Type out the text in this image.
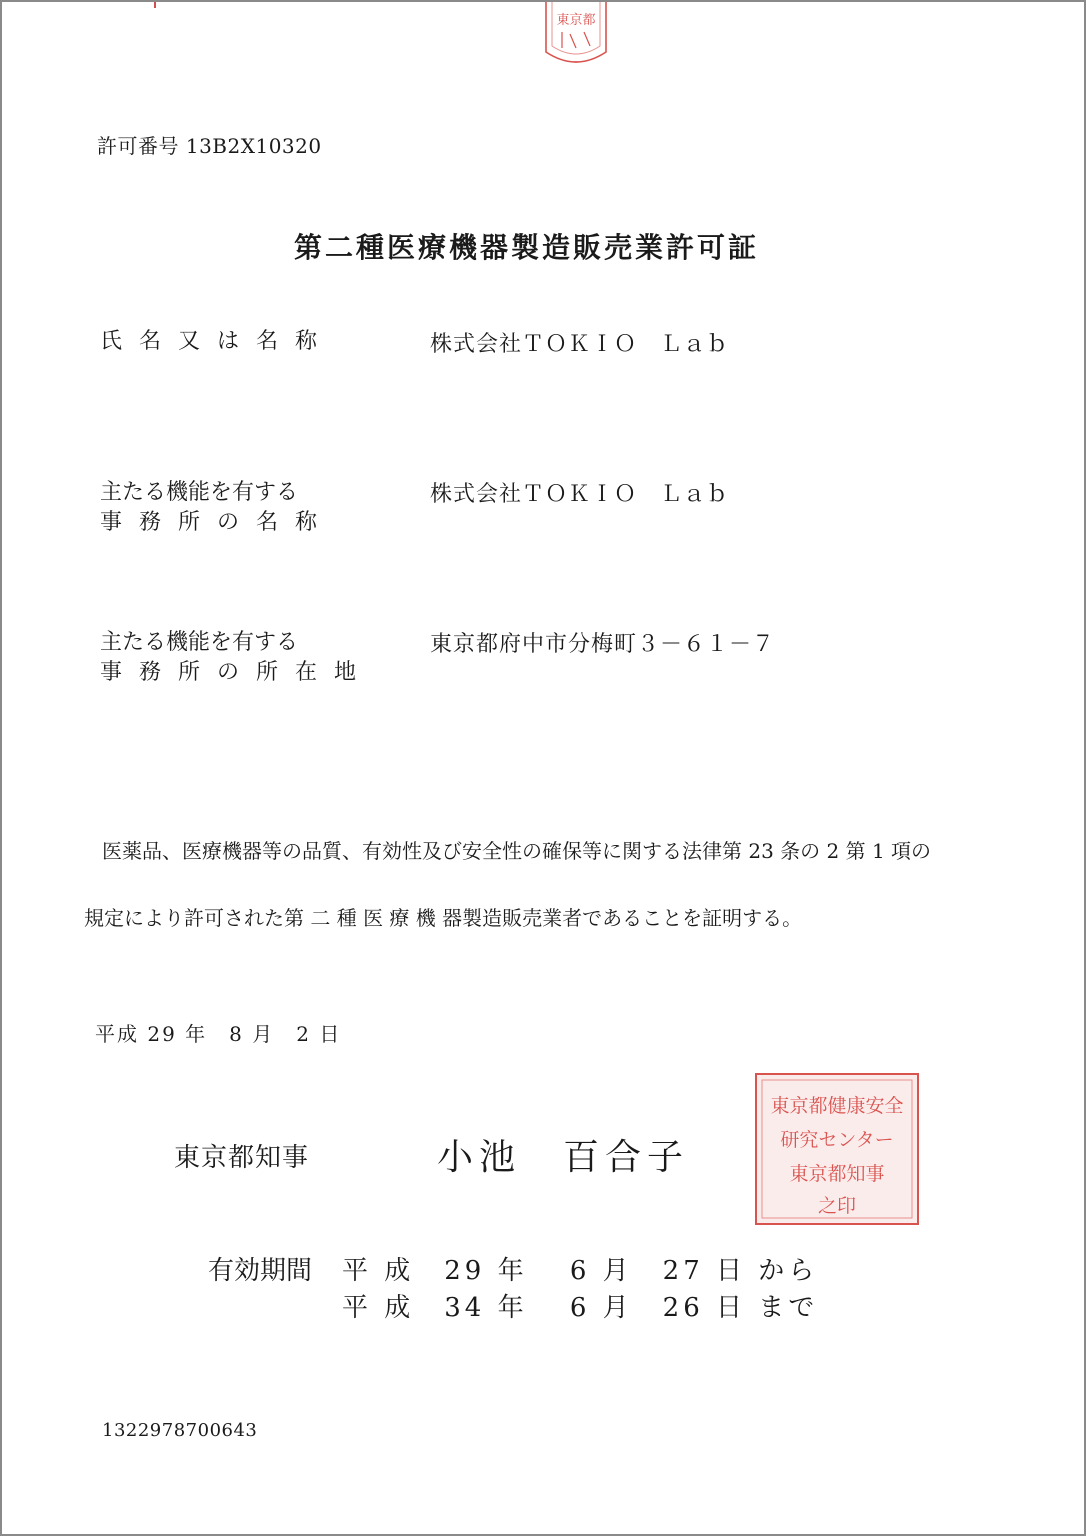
東京都
許可番号 13B2X10320
第二種医療機器製造販売業許可証
氏名又は名称	株式会社ＴＯＫＩＯ　Ｌａｂ
主たる機能を有する
事務所の名称
株式会社ＴＯＫＩＯ　Ｌａｂ
主たる機能を有する
事務所の所在地
東京都府中市分梅町３－６１－７
医薬品、医療機器等の品質、有効性及び安全性の確保等に関する法律第 23 条の 2 第 1 項の
規定により許可された第 二 種 医 療 機 器製造販売業者であることを証明する。
平成 29 年　8 月　2 日
東京都知事	小池　百合子
東京都健康安全
研究センター
東京都知事
之印
有効期間 平 成　29 年　 6 月　27 日 から
平 成　34 年　 6 月　26 日 まで
1322978700643
